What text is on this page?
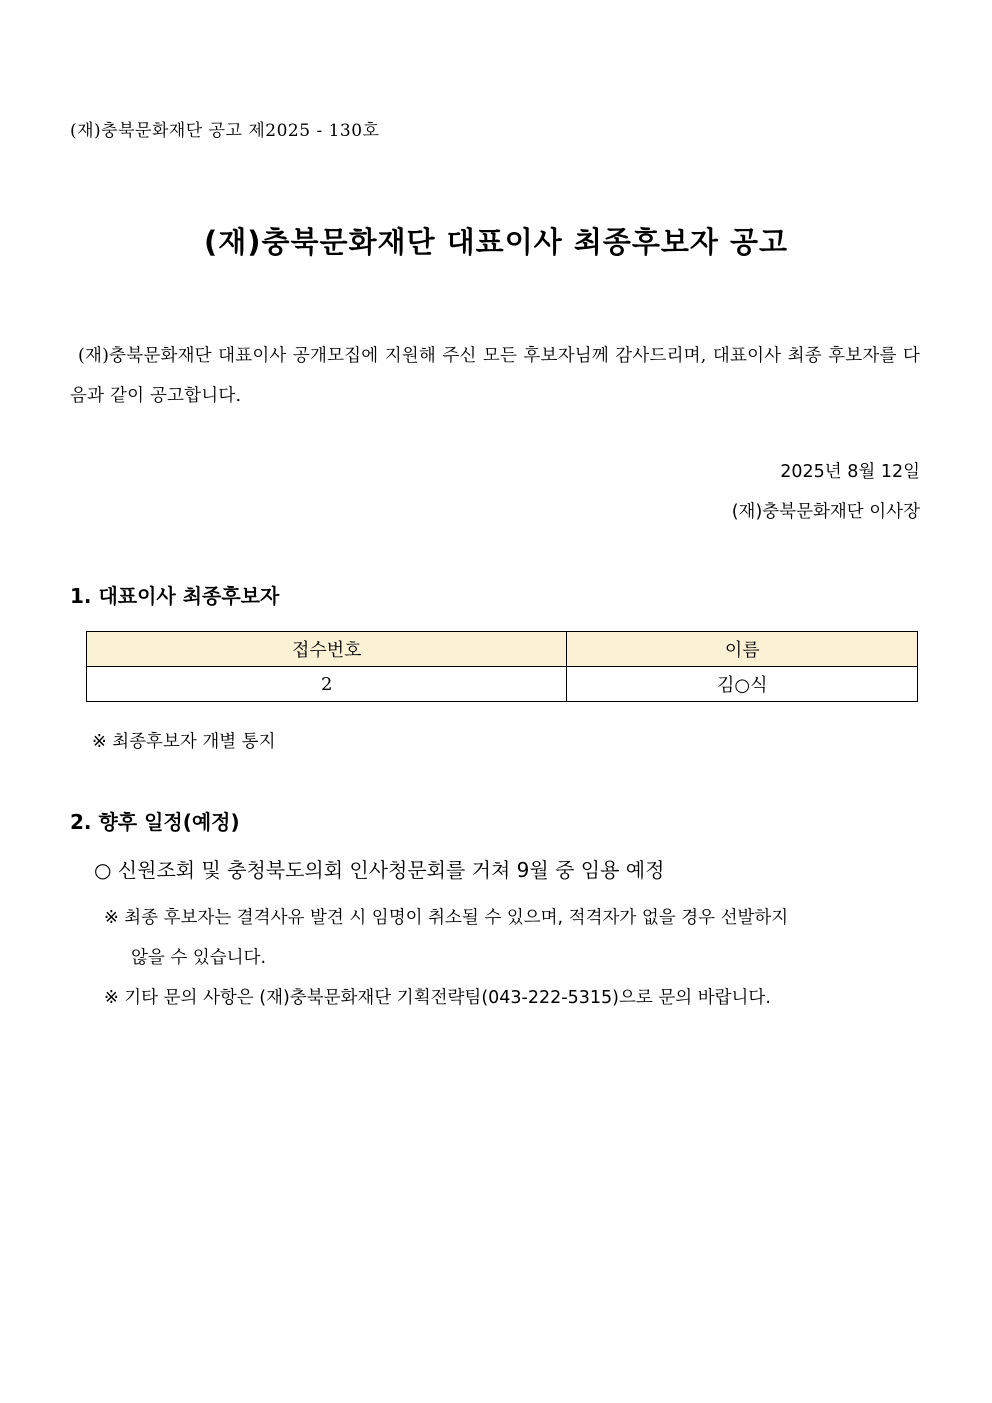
(재)충북문화재단 공고 제2025 - 130호
(재)충북문화재단 대표이사 최종후보자 공고
(재)충북문화재단 대표이사 공개모집에 지원해 주신 모든 후보자님께 감사드리며, 대표이사 최종 후보자를 다음과 같이 공고합니다.
2025년 8월 12일
(재)충북문화재단 이사장
1. 대표이사 최종후보자
접수번호	이름
2	김○식
※ 최종후보자 개별 통지
2. 향후 일정(예정)
○ 신원조회 및 충청북도의회 인사청문회를 거쳐 9월 중 임용 예정
※ 최종 후보자는 결격사유 발견 시 임명이 취소될 수 있으며, 적격자가 없을 경우 선발하지
않을 수 있습니다.
※ 기타 문의 사항은 (재)충북문화재단 기획전략팀(043-222-5315)으로 문의 바랍니다.
